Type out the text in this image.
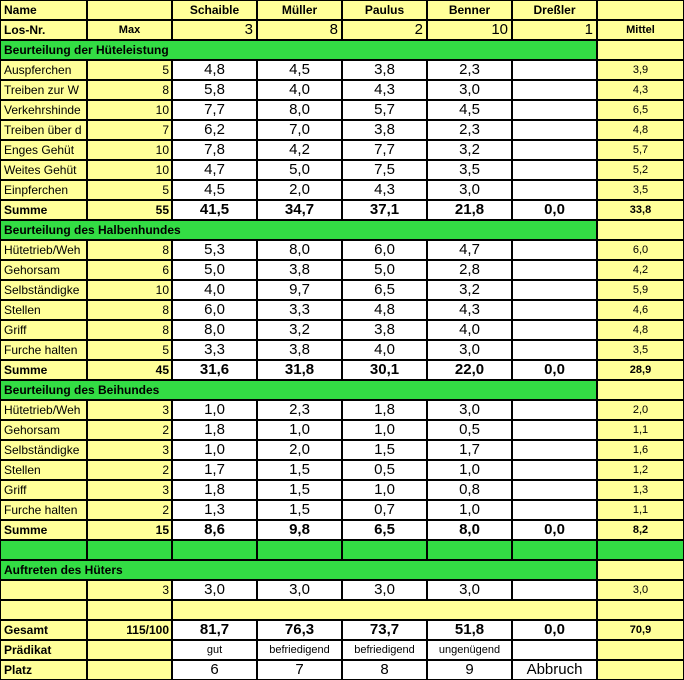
Name		Schaible	Müller	Paulus	Benner	Dreßler	
Los-Nr.	Max	3	8	2	10	1	Mittel
Beurteilung der Hüteleistung							
Auspferchen	5	4,8	4,5	3,8	2,3		3,9
Treiben zur W	8	5,8	4,0	4,3	3,0		4,3
Verkehrshinde	10	7,7	8,0	5,7	4,5		6,5
Treiben über d	7	6,2	7,0	3,8	2,3		4,8
Enges Gehüt	10	7,8	4,2	7,7	3,2		5,7
Weites Gehüt	10	4,7	5,0	7,5	3,5		5,2
Einpferchen	5	4,5	2,0	4,3	3,0		3,5
Summe	55	41,5	34,7	37,1	21,8	0,0	33,8
Beurteilung des Halbenhundes							
Hütetrieb/Weh	8	5,3	8,0	6,0	4,7		6,0
Gehorsam	6	5,0	3,8	5,0	2,8		4,2
Selbständigke	10	4,0	9,7	6,5	3,2		5,9
Stellen	8	6,0	3,3	4,8	4,3		4,6
Griff	8	8,0	3,2	3,8	4,0		4,8
Furche halten	5	3,3	3,8	4,0	3,0		3,5
Summe	45	31,6	31,8	30,1	22,0	0,0	28,9
Beurteilung des Beihundes							
Hütetrieb/Weh	3	1,0	2,3	1,8	3,0		2,0
Gehorsam	2	1,8	1,0	1,0	0,5		1,1
Selbständigke	3	1,0	2,0	1,5	1,7		1,6
Stellen	2	1,7	1,5	0,5	1,0		1,2
Griff	3	1,8	1,5	1,0	0,8		1,3
Furche halten	2	1,3	1,5	0,7	1,0		1,1
Summe	15	8,6	9,8	6,5	8,0	0,0	8,2

Auftreten des Hüters							
	3	3,0	3,0	3,0	3,0		3,0

Gesamt	115/100	81,7	76,3	73,7	51,8	0,0	70,9
Prädikat		gut	befriedigend	befriedigend	ungenügend		
Platz		6	7	8	9	Abbruch	
